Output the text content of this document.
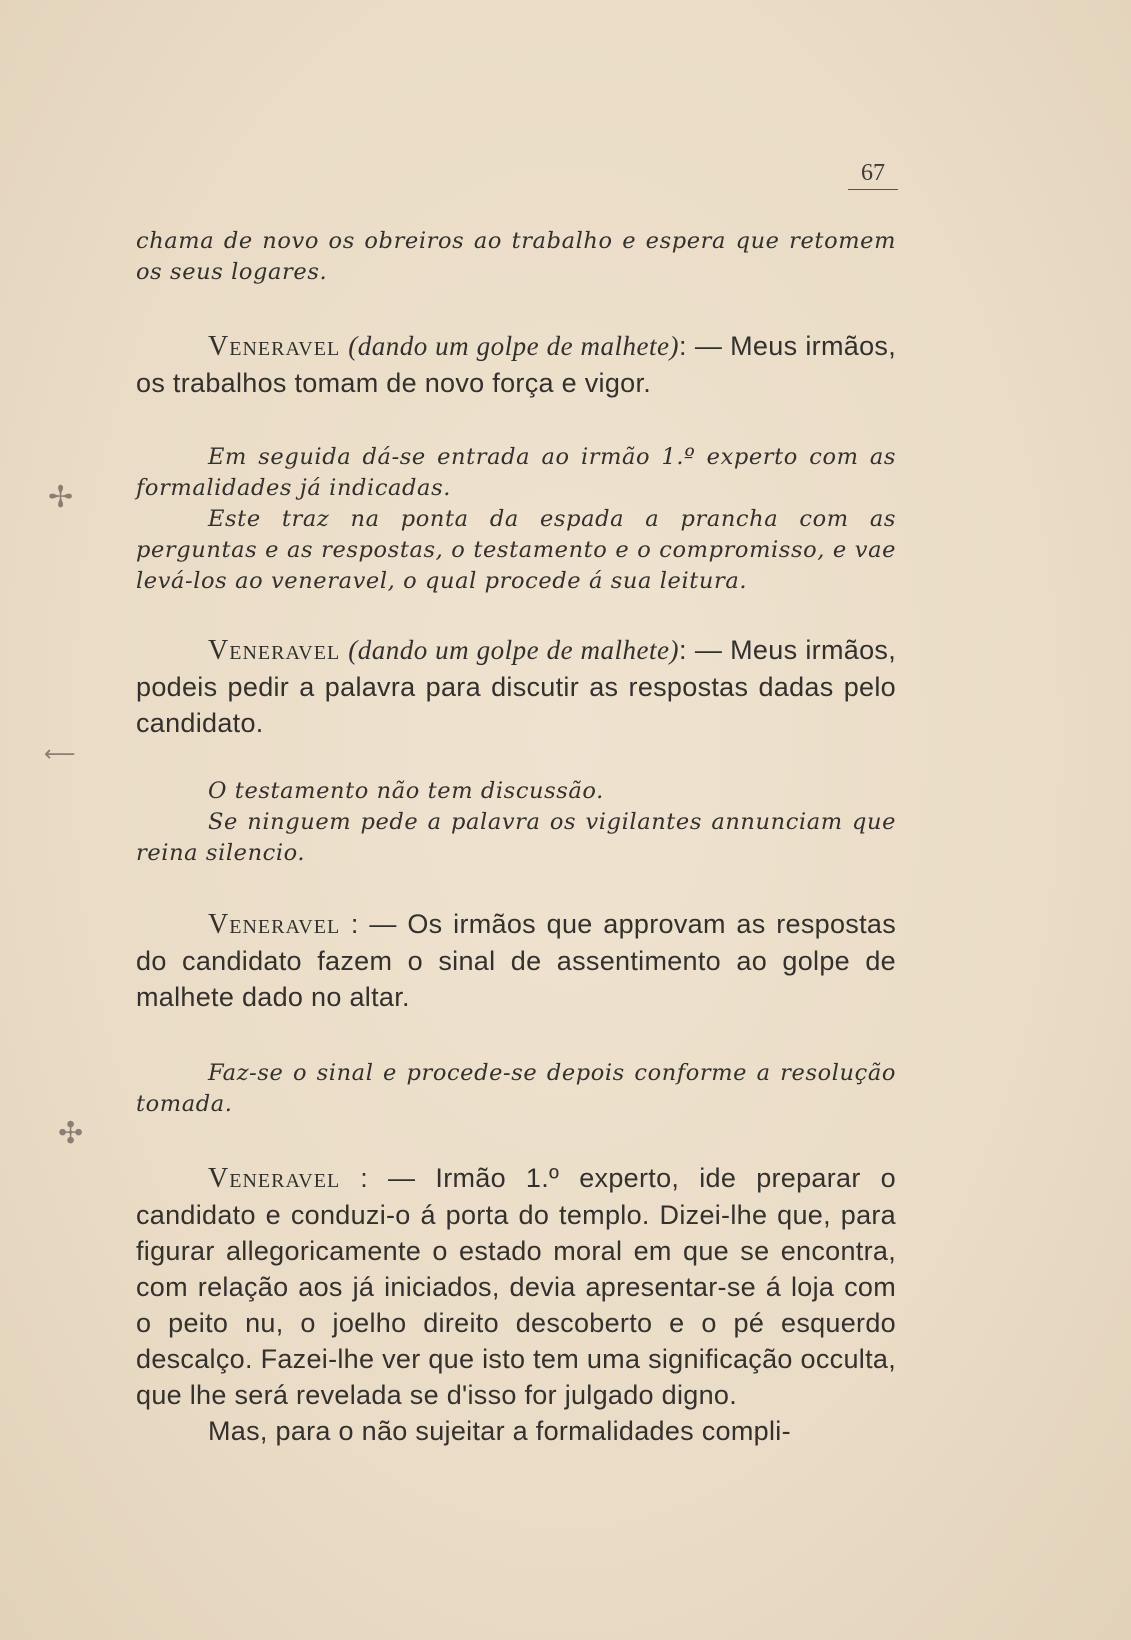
67
✢
⟵
✣

chama de novo os obreiros ao trabalho e espera que retomem os seus logares.

Veneravel (dando um golpe de malhete): — Meus irmãos, os trabalhos tomam de novo força e vigor.

Em seguida dá-se entrada ao irmão 1.º experto com as formalidades já indicadas.

Este traz na ponta da espada a prancha com as perguntas e as respostas, o testamento e o compromisso, e vae levá-los ao veneravel, o qual procede á sua leitura.

Veneravel (dando um golpe de malhete): — Meus irmãos, podeis pedir a palavra para discutir as respostas dadas pelo candidato.

O testamento não tem discussão.

Se ninguem pede a palavra os vigilantes annunciam que reina silencio.

Veneravel : — Os irmãos que approvam as respostas do candidato fazem o sinal de assentimento ao golpe de malhete dado no altar.

Faz-se o sinal e procede-se depois conforme a resolução tomada.

Veneravel : — Irmão 1.º experto, ide preparar o candidato e conduzi-o á porta do templo. Dizei-lhe que, para figurar allegoricamente o estado moral em que se encontra, com relação aos já iniciados, devia apresentar-se á loja com o peito nu, o joelho direito descoberto e o pé esquerdo descalço. Fazei-lhe ver que isto tem uma significação occulta, que lhe será revelada se d'isso for julgado digno.

Mas, para o não sujeitar a formalidades compli-
